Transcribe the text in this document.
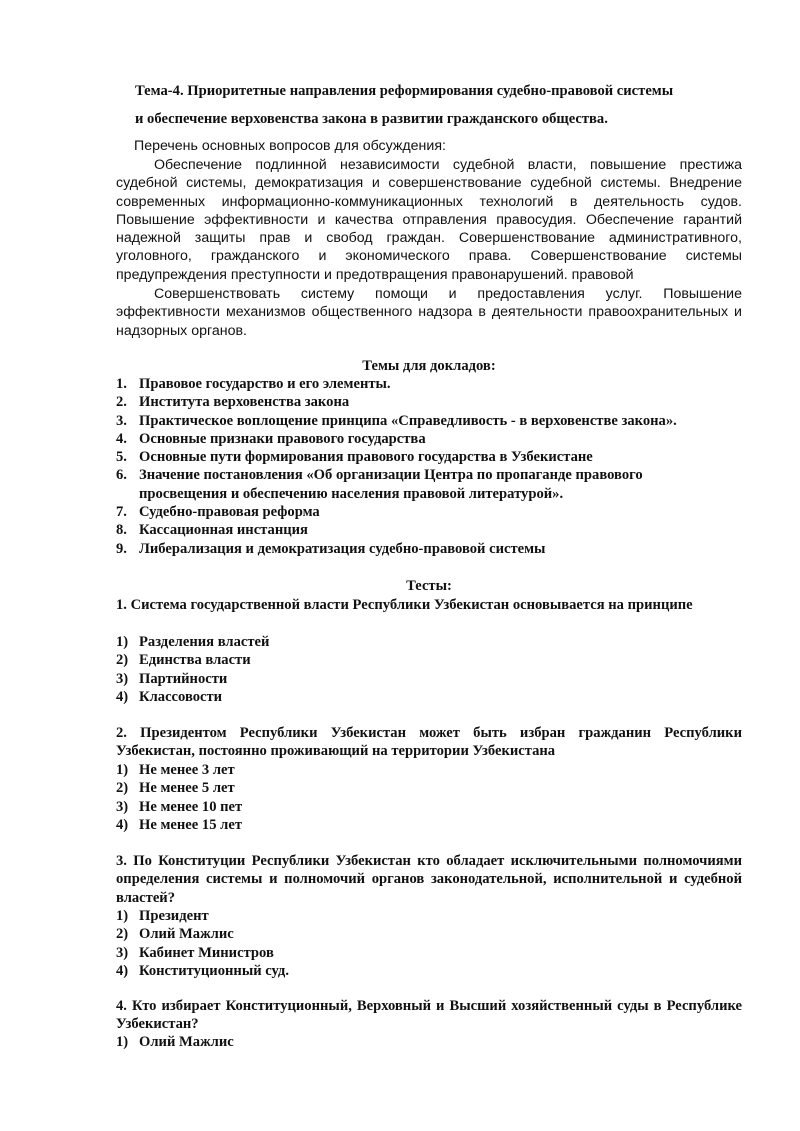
Тема-4. Приоритетные направления реформирования судебно-правовой системы
и обеспечение верховенства закона в развитии гражданского общества.
Перечень основных вопросов для обсуждения:
Обеспечение подлинной независимости судебной власти, повышение престижа судебной системы, демократизация и совершенствование судебной системы. Внедрение современных информационно-коммуникационных технологий в деятельность судов. Повышение эффективности и качества отправления правосудия. Обеспечение гарантий надежной защиты прав и свобод граждан. Совершенствование административного, уголовного, гражданского и экономического права. Совершенствование системы предупреждения преступности и предотвращения правонарушений. правовой
Совершенствовать систему помощи и предоставления услуг. Повышение эффективности механизмов общественного надзора в деятельности правоохранительных и надзорных органов.
Темы для докладов:
1. Правовое государство и его элементы.
2. Института верховенства закона
3. Практическое воплощение принципа «Справедливость - в верховенстве закона».
4. Основные признаки правового государства
5. Основные пути формирования правового государства в Узбекистане
6. Значение постановления «Об организации Центра по пропаганде правового просвещения и обеспечению населения правовой литературой».
7. Судебно-правовая реформа
8. Кассационная инстанция
9. Либерализация и демократизация судебно-правовой системы
Тесты:
1. Система государственной власти Республики Узбекистан основывается на принципе
1) Разделения властей
2) Единства власти
3) Партийности
4) Классовости
2. Президентом Республики Узбекистан может быть избран гражданин Республики Узбекистан, постоянно проживающий на территории Узбекистана
1) Не менее 3 лет
2) Не менее 5 лет
3) Не менее 10 пет
4) Не менее 15 лет
3. По Конституции Республики Узбекистан кто обладает исключительными полномочиями определения системы и полномочий органов законодательной, исполнительной и судебной властей?
1) Президент
2) Олий Мажлис
3) Кабинет Министров
4) Конституционный суд.
4. Кто избирает Конституционный, Верховный и Высший хозяйственный суды в Республике Узбекистан?
1) Олий Мажлис
